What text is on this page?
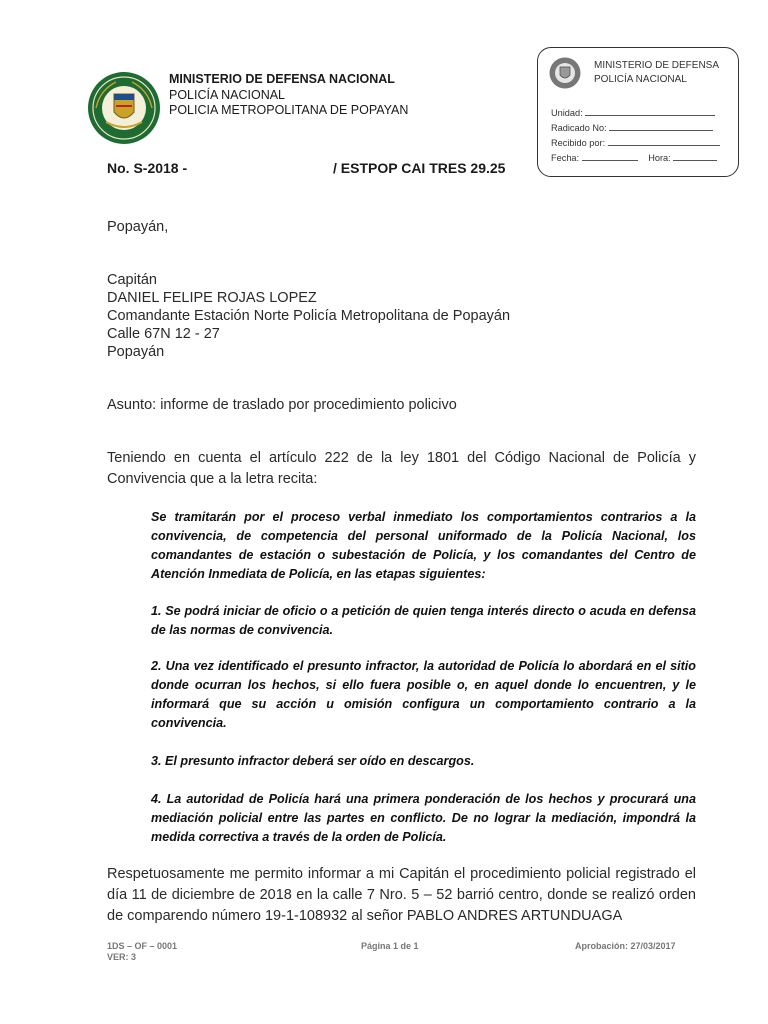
MINISTERIO DE DEFENSA NACIONAL
POLICÍA NACIONAL
POLICIA METROPOLITANA DE POPAYAN
MINISTERIO DE DEFENSA
POLICÍA NACIONAL
Unidad:
Radicado No:
Recibido por:
Fecha:	Hora:
No. S-2018 -	/ ESTPOP CAI TRES 29.25
Popayán,
Capitán
DANIEL FELIPE ROJAS LOPEZ
Comandante Estación Norte Policía Metropolitana de Popayán
Calle 67N 12 - 27
Popayán
Asunto: informe de traslado por procedimiento policivo
Teniendo en cuenta el artículo 222 de la ley 1801 del Código Nacional de Policía y Convivencia que a la letra recita:
Se tramitarán por el proceso verbal inmediato los comportamientos contrarios a la convivencia, de competencia del personal uniformado de la Policía Nacional, los comandantes de estación o subestación de Policía, y los comandantes del Centro de Atención Inmediata de Policía, en las etapas siguientes:
1. Se podrá iniciar de oficio o a petición de quien tenga interés directo o acuda en defensa de las normas de convivencia.
2. Una vez identificado el presunto infractor, la autoridad de Policía lo abordará en el sitio donde ocurran los hechos, si ello fuera posible o, en aquel donde lo encuentren, y le informará que su acción u omisión configura un comportamiento contrario a la convivencia.
3. El presunto infractor deberá ser oído en descargos.
4. La autoridad de Policía hará una primera ponderación de los hechos y procurará una mediación policial entre las partes en conflicto. De no lograr la mediación, impondrá la medida correctiva a través de la orden de Policía.
Respetuosamente me permito informar a mi Capitán el procedimiento policial registrado el día 11 de diciembre de 2018 en la calle 7 Nro. 5 – 52 barrió centro, donde se realizó orden de comparendo número 19-1-108932 al señor PABLO ANDRES ARTUNDUAGA
1DS – OF – 0001
VER: 3
Página 1 de 1	Aprobación: 27/03/2017
